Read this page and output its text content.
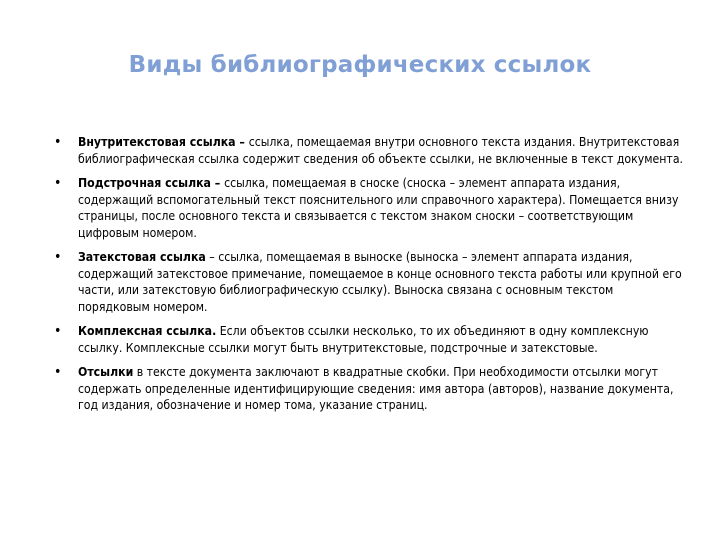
Виды библиографических ссылок
• Внутритекстовая ссылка – ссылка, помещаемая внутри основного текста издания. Внутритекстовая библиографическая ссылка содержит сведения об объекте ссылки, не включенные в текст документа.
• Подстрочная ссылка – ссылка, помещаемая в сноске (сноска – элемент аппарата издания, содержащий вспомогательный текст пояснительного или справочного характера). Помещается внизу страницы, после основного текста и связывается с текстом знаком сноски – соответствующим цифровым номером.
• Затекстовая ссылка – ссылка, помещаемая в выноске (выноска – элемент аппарата издания, содержащий затекстовое примечание, помещаемое в конце основного текста работы или крупной его части, или затекстовую библиографическую ссылку). Выноска связана с основным текстом порядковым номером.
• Комплексная ссылка. Если объектов ссылки несколько, то их объединяют в одну комплексную ссылку. Комплексные ссылки могут быть внутритекстовые, подстрочные и затекстовые.
• Отсылки в тексте документа заключают в квадратные скобки. При необходимости отсылки могут содержать определенные идентифицирующие сведения: имя автора (авторов), название документа, год издания, обозначение и номер тома, указание страниц.
